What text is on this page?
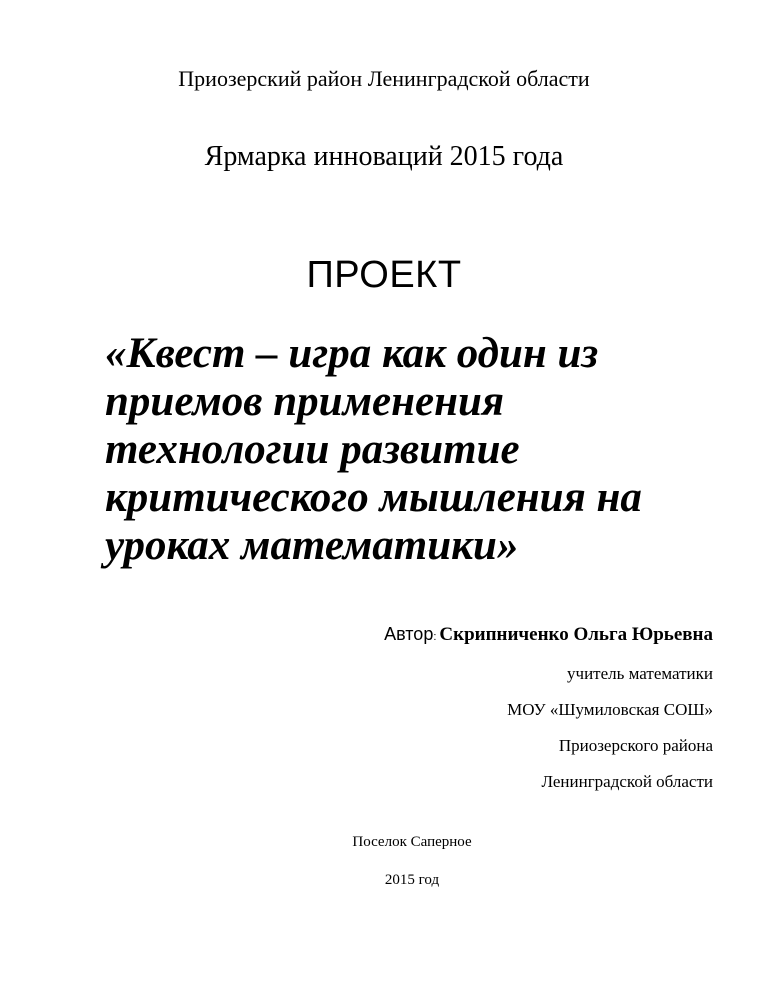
Приозерский район Ленинградской области
Ярмарка инноваций 2015 года
ПРОЕКТ
«Квест – игра как один из
приемов применения
технологии развитие
критического мышления на
уроках математики»
Автор: Скрипниченко Ольга Юрьевна
учитель математики
МОУ «Шумиловская СОШ»
Приозерского района
Ленинградской области
Поселок Саперное
2015 год
